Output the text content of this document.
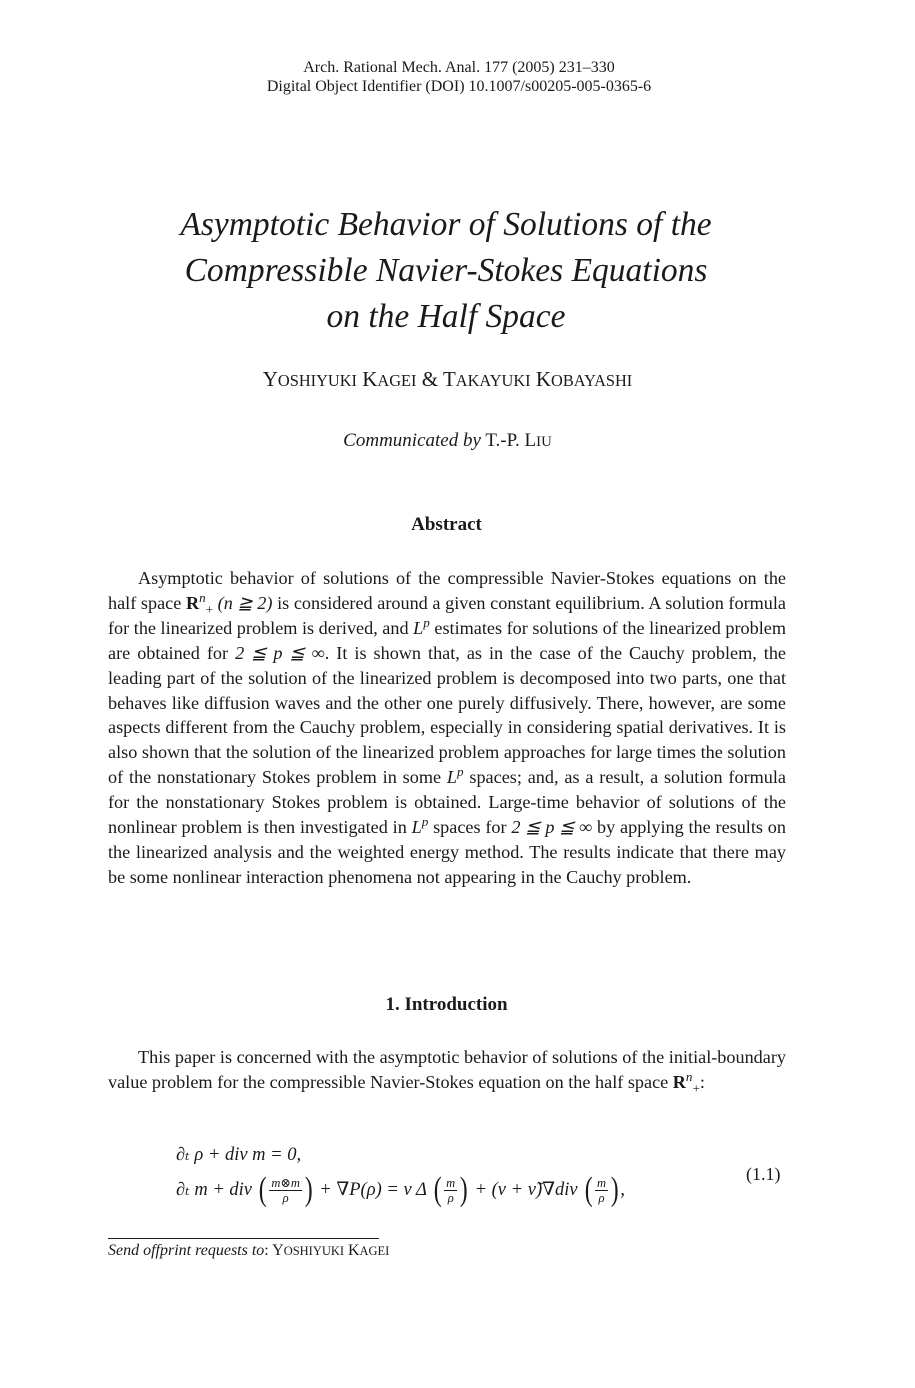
Arch. Rational Mech. Anal. 177 (2005) 231–330
Digital Object Identifier (DOI) 10.1007/s00205-005-0365-6
Asymptotic Behavior of Solutions of the
Compressible Navier-Stokes Equations
on the Half Space
YOSHIYUKI KAGEI & TAKAYUKI KOBAYASHI
Communicated by T.-P. LIU
Abstract

Asymptotic behavior of solutions of the compressible Navier-Stokes equations on the half space $R^n_+$ (n ≧ 2) is considered around a given constant equilibrium. A solution formula for the linearized problem is derived, and $L^p$ estimates for solutions of the linearized problem are obtained for 2 ≦ p ≦ ∞. It is shown that, as in the case of the Cauchy problem, the leading part of the solution of the linearized problem is decomposed into two parts, one that behaves like diffusion waves and the other one purely diffusively. There, however, are some aspects different from the Cauchy problem, especially in considering spatial derivatives. It is also shown that the solution of the linearized problem approaches for large times the solution of the nonstationary Stokes problem in some $L^p$ spaces; and, as a result, a solution formula for the nonstationary Stokes problem is obtained. Large-time behavior of solutions of the nonlinear problem is then investigated in $L^p$ spaces for 2 ≦ p ≦ ∞ by applying the results on the linearized analysis and the weighted energy method. The results indicate that there may be some nonlinear interaction phenomena not appearing in the Cauchy problem.

1. Introduction

This paper is concerned with the asymptotic behavior of solutions of the initial-boundary value problem for the compressible Navier-Stokes equation on the half space $R^n_+$:

∂ₜ ρ + div m = 0,
∂ₜ m + div ( $\frac{m\otimes m}{\rho}$ ) + ∇P(ρ) = ν Δ ( $\frac{m}{\rho}$ ) + (ν + ν̃)∇div ( $\frac{m}{\rho}$ ) ,
(1.1)
Send offprint requests to: YOSHIYUKI KAGEI
